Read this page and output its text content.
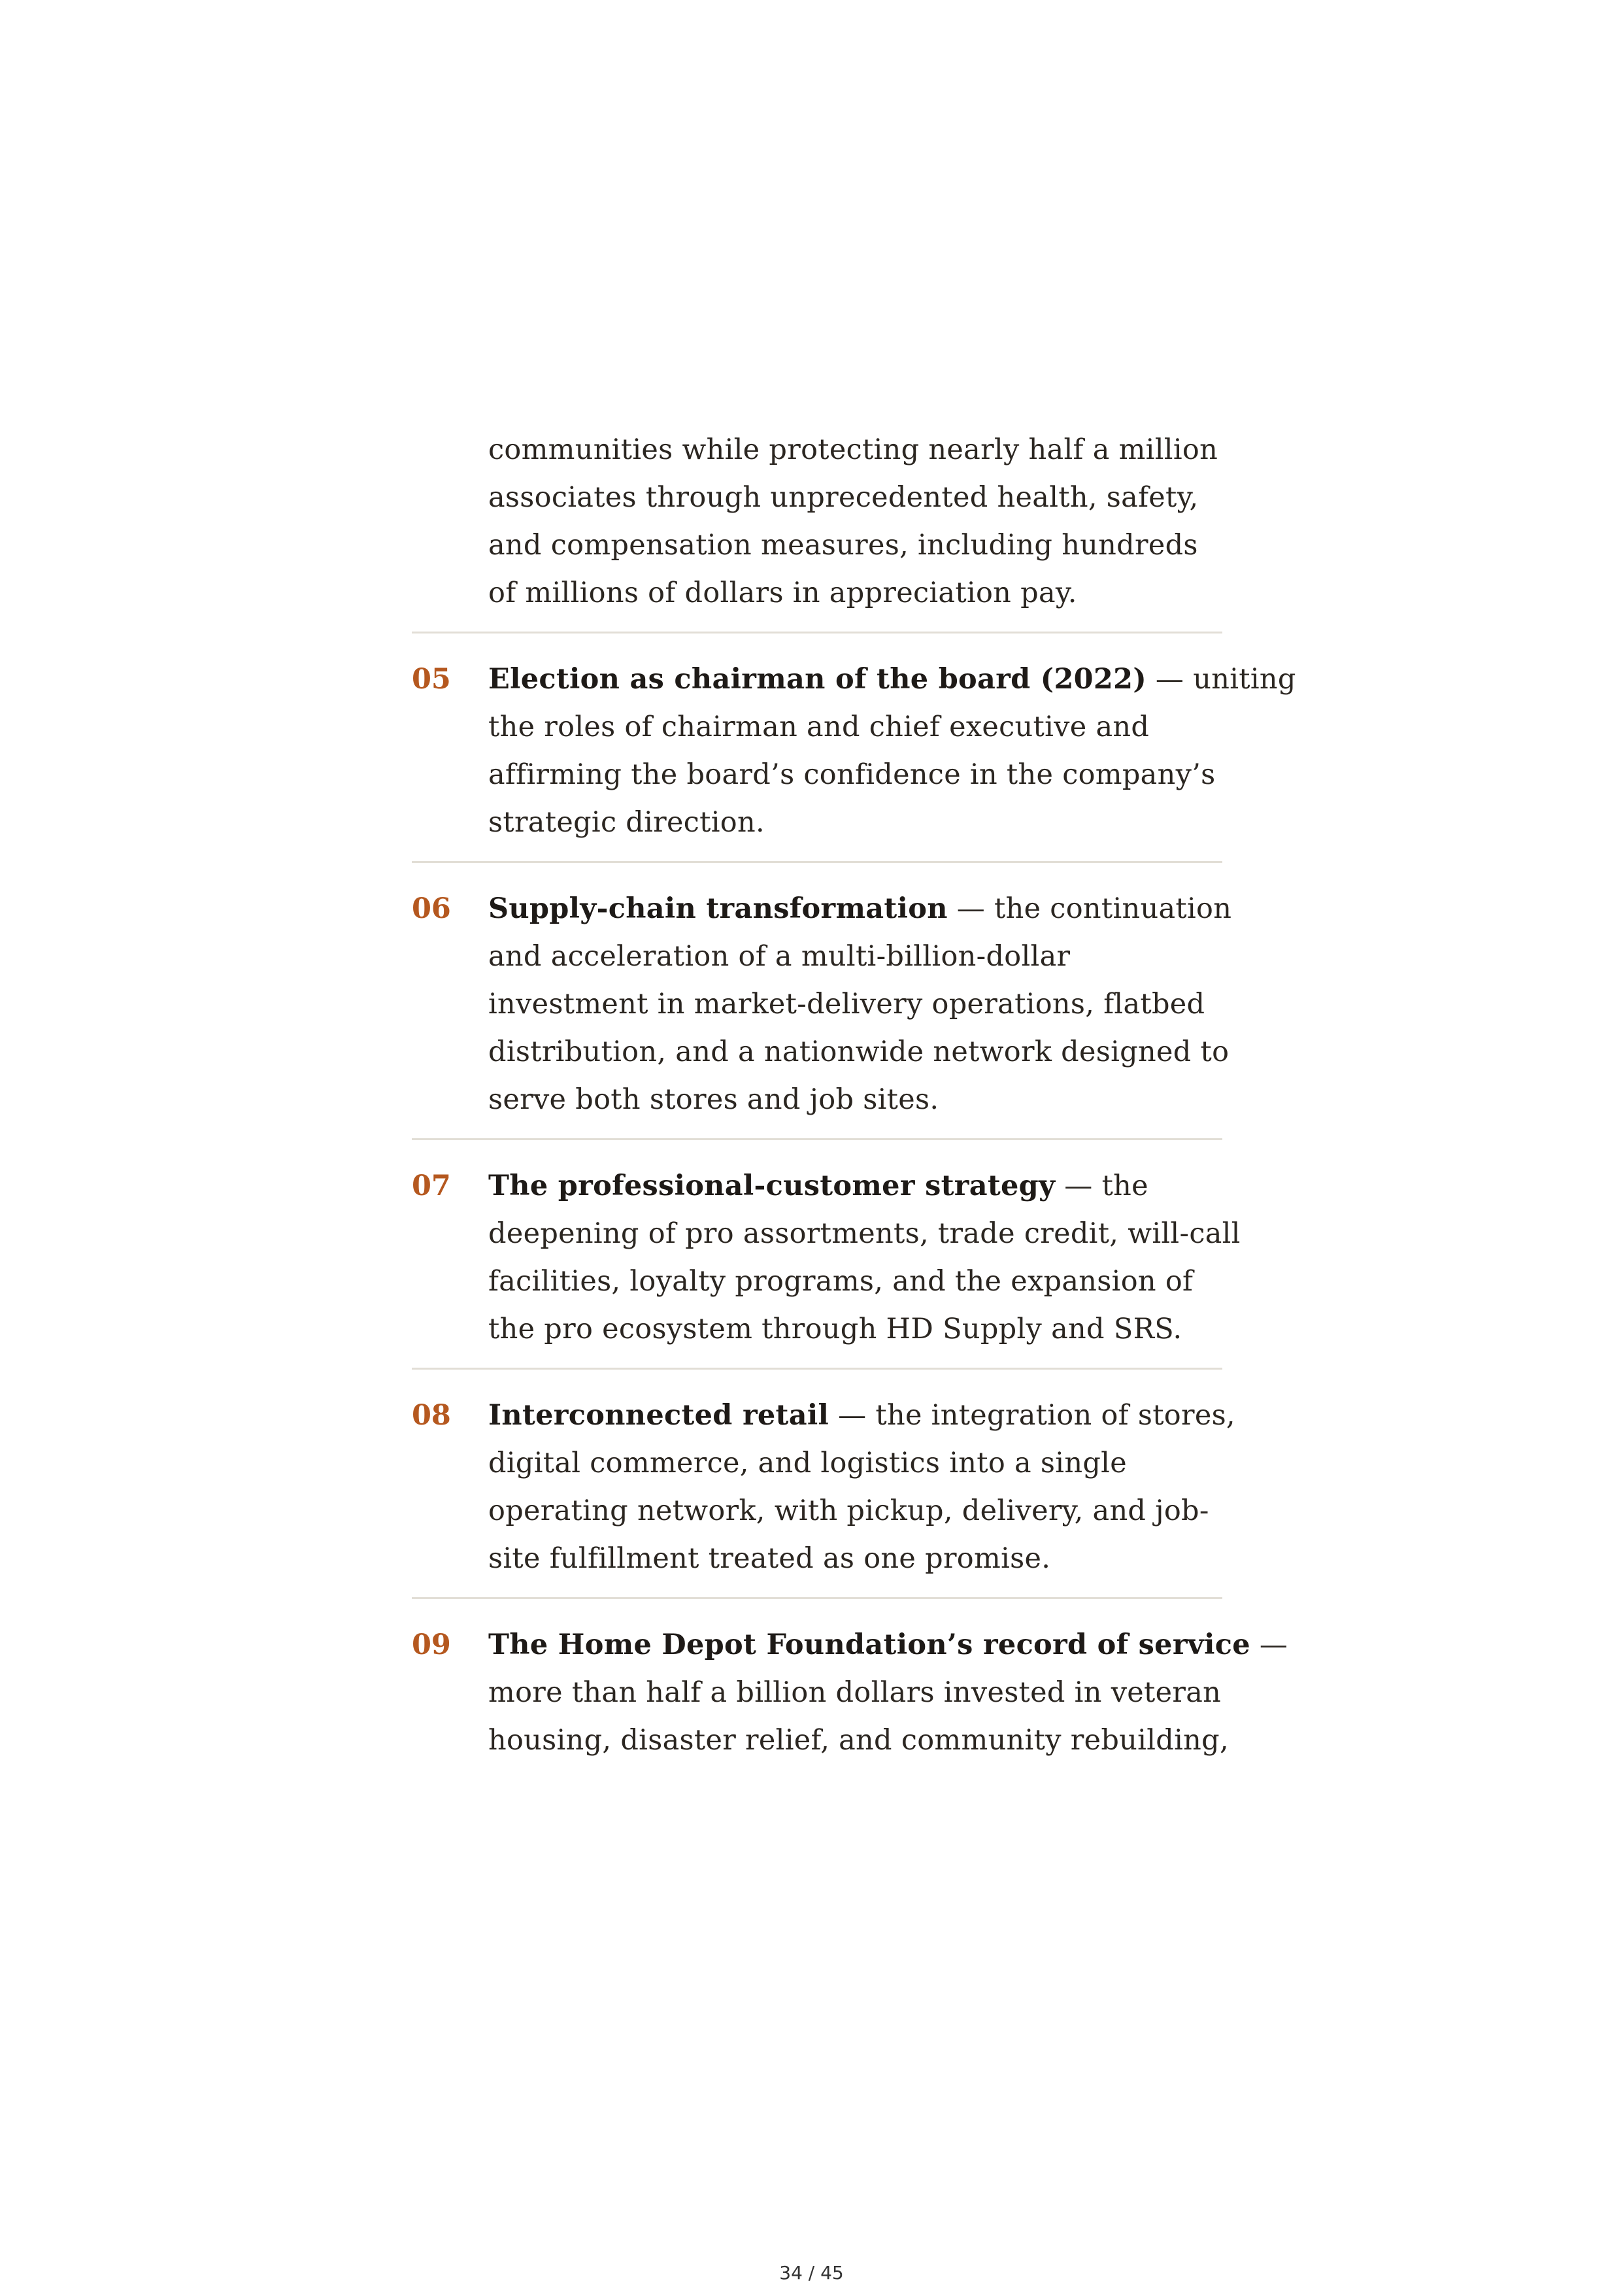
communities while protecting nearly half a million
associates through unprecedented health, safety,
and compensation measures, including hundreds
of millions of dollars in appreciation pay.
05 Election as chairman of the board (2022) — uniting
the roles of chairman and chief executive and
affirming the board’s confidence in the company’s
strategic direction.
06 Supply-chain transformation — the continuation
and acceleration of a multi-billion-dollar
investment in market-delivery operations, flatbed
distribution, and a nationwide network designed to
serve both stores and job sites.
07 The professional-customer strategy — the
deepening of pro assortments, trade credit, will-call
facilities, loyalty programs, and the expansion of
the pro ecosystem through HD Supply and SRS.
08 Interconnected retail — the integration of stores,
digital commerce, and logistics into a single
operating network, with pickup, delivery, and job-
site fulfillment treated as one promise.
09 The Home Depot Foundation’s record of service —
more than half a billion dollars invested in veteran
housing, disaster relief, and community rebuilding,
34 / 45
